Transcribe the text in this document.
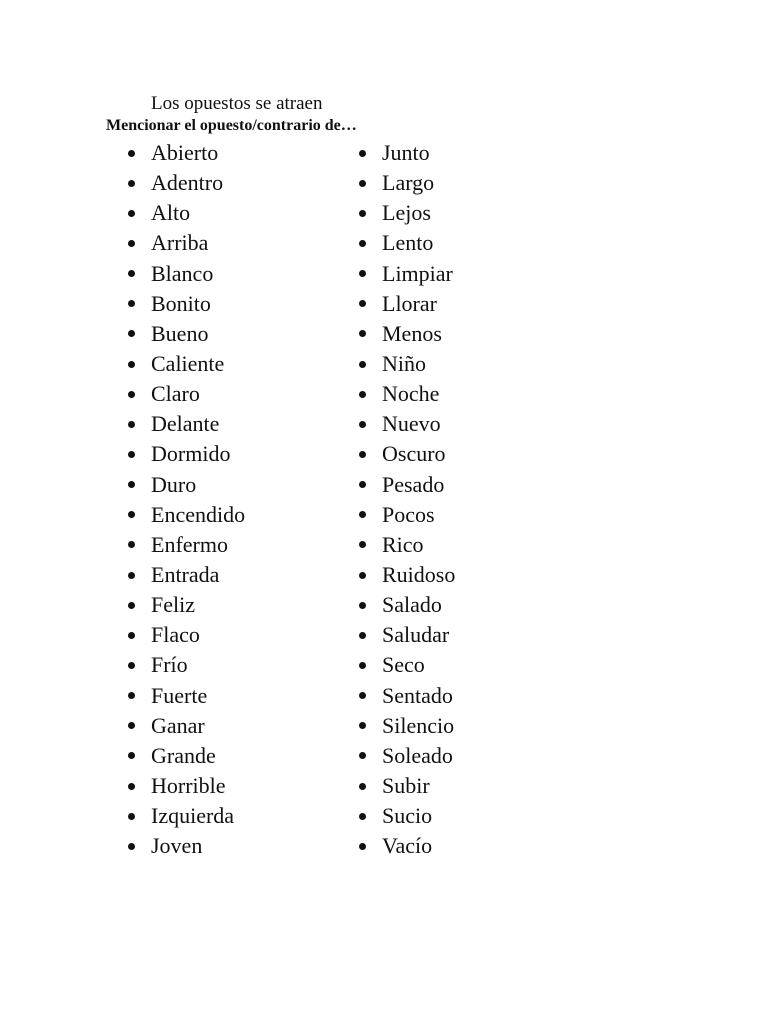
Los opuestos se atraen
Mencionar el opuesto/contrario de…
Abierto
Adentro
Alto
Arriba
Blanco
Bonito
Bueno
Caliente
Claro
Delante
Dormido
Duro
Encendido
Enfermo
Entrada
Feliz
Flaco
Frío
Fuerte
Ganar
Grande
Horrible
Izquierda
Joven
Junto
Largo
Lejos
Lento
Limpiar
Llorar
Menos
Niño
Noche
Nuevo
Oscuro
Pesado
Pocos
Rico
Ruidoso
Salado
Saludar
Seco
Sentado
Silencio
Soleado
Subir
Sucio
Vacío
